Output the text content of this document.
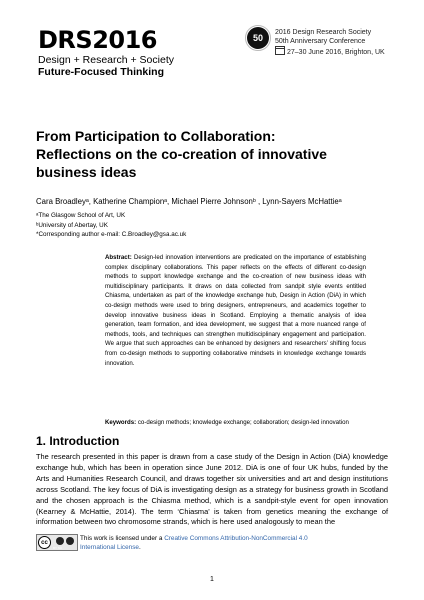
DRS2016
Design + Research + Society
Future-Focused Thinking
50
2016 Design Research Society
50th Anniversary Conference
27–30 June 2016, Brighton, UK
From Participation to Collaboration:
Reflections on the co-creation of innovative
business ideas
Cara Broadleyᵃ, Katherine Championᵃ, Michael Pierre Johnsonᵇ , Lynn-Sayers McHattieᵃ
ᵃThe Glasgow School of Art, UK
ᵇUniversity of Abertay, UK
*Corresponding author e-mail: C.Broadley@gsa.ac.uk
Abstract: Design-led innovation interventions are predicated on the importance of establishing complex disciplinary collaborations. This paper reflects on the effects of different co-design methods to support knowledge exchange and the co-creation of new business ideas with multidisciplinary participants. It draws on data collected from sandpit style events entitled Chiasma, undertaken as part of the knowledge exchange hub, Design in Action (DiA) in which co-design methods were used to bring designers, entrepreneurs, and academics together to develop innovative business ideas in Scotland. Employing a thematic analysis of idea generation, team formation, and idea development, we suggest that a more nuanced range of methods, tools, and techniques can strengthen multidisciplinary engagement and participation. We argue that such approaches can be enhanced by designers and researchers’ shifting focus from co-design methods to supporting collaborative mindsets in knowledge exchange towards innovation.
Keywords: co-design methods; knowledge exchange; collaboration; design-led innovation
1. Introduction
The research presented in this paper is drawn from a case study of the Design in Action (DiA) knowledge exchange hub, which has been in operation since June 2012. DiA is one of four UK hubs, funded by the Arts and Humanities Research Council, and draws together six universities and art and design institutions across Scotland. The key focus of DiA is investigating design as a strategy for business growth in Scotland and the chosen approach is the Chiasma method, which is a sandpit-style event for open innovation (Kearney & McHattie, 2014). The term ‘Chiasma’ is taken from genetics meaning the exchange of information between two chromosome strands, which is here used analogously to mean the
cc
BY NC
This work is licensed under a Creative Commons Attribution-NonCommercial 4.0 International License.
1
